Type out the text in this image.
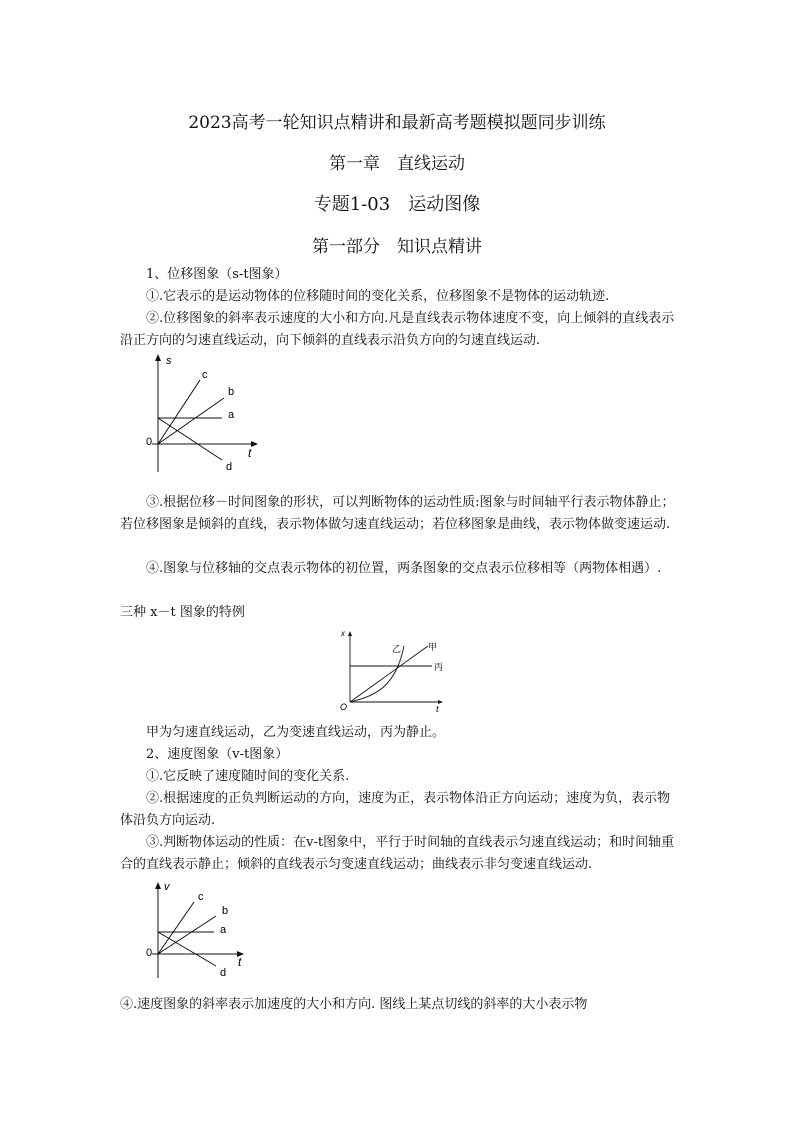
2023高考一轮知识点精讲和最新高考题模拟题同步训练
第一章　直线运动
专题1-03　运动图像
第一部分　知识点精讲
1、位移图象（s-t图象）
①.它表示的是运动物体的位移随时间的变化关系，位移图象不是物体的运动轨迹.
②.位移图象的斜率表示速度的大小和方向.凡是直线表示物体速度不变，向上倾斜的直线表示沿正方向的匀速直线运动，向下倾斜的直线表示沿负方向的匀速直线运动.
s
t
0
c
b
a
d
③.根据位移－时间图象的形状，可以判断物体的运动性质:图象与时间轴平行表示物体静止；若位移图象是倾斜的直线，表示物体做匀速直线运动；若位移图象是曲线，表示物体做变速运动.
④.图象与位移轴的交点表示物体的初位置，两条图象的交点表示位移相等（两物体相遇）.
三种 x－t 图象的特例
x
t
O
乙	甲
丙
甲为匀速直线运动，乙为变速直线运动，丙为静止。
2、速度图象（v-t图象）
①.它反映了速度随时间的变化关系.
②.根据速度的正负判断运动的方向，速度为正，表示物体沿正方向运动；速度为负，表示物体沿负方向运动.
③.判断物体运动的性质：在v-t图象中，平行于时间轴的直线表示匀速直线运动；和时间轴重合的直线表示静止；倾斜的直线表示匀变速直线运动；曲线表示非匀变速直线运动.
v
t
0
c
b
a
d
④.速度图象的斜率表示加速度的大小和方向. 图线上某点切线的斜率的大小表示物
